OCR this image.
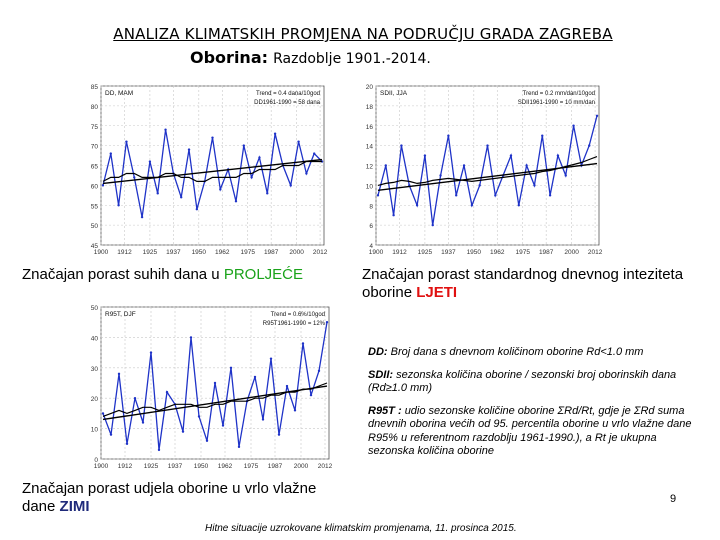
ANALIZA KLIMATSKIH PROMJENA NA PODRUČJU GRADA ZAGREBA
Oborina: Razdoblje 1901.-2014.
45
50
55
60
65
70
75
80
85
1900 1912 1925 1937 1950 1962 1975 1987 2000 2012
DD, MAM	Trend = 0.4 dana/10god
DD1961-1990 = 58 dana
4
6
8
10
12
14
16
18
20
1900 1912 1925 1937 1950 1962 1975 1987 2000 2012
SDII, JJA	Trend = 0.2 mm/dan/10god
SDII1961-1990 = 10 mm/dan
0
10
20
30
40
50
1900 1912 1925 1937 1950 1962 1975 1987 2000 2012
R95T, DJF	Trend = 0.6%/10god
R95T1961-1990 = 12%
Značajan porast suhih dana u PROLJEĆE	Značajan porast standardnog dnevnog inteziteta oborine LJETI
Značajan porast udjela oborine u vrlo vlažne dane ZIMI

DD: Broj dana s dnevnom količinom oborine Rd<1.0 mm

SDII: sezonska količina oborine / sezonski broj oborinskih dana (Rd≥1.0 mm)

R95T : udio sezonske količine oborine ΣRd/Rt, gdje je ΣRd suma dnevnih oborina većih od 95. percentila oborine u vrlo vlažne dane R95% u referentnom razdoblju 1961-1990.), a Rt je ukupna sezonska količina oborine

9
Hitne situacije uzrokovane klimatskim promjenama, 11. prosinca 2015.
